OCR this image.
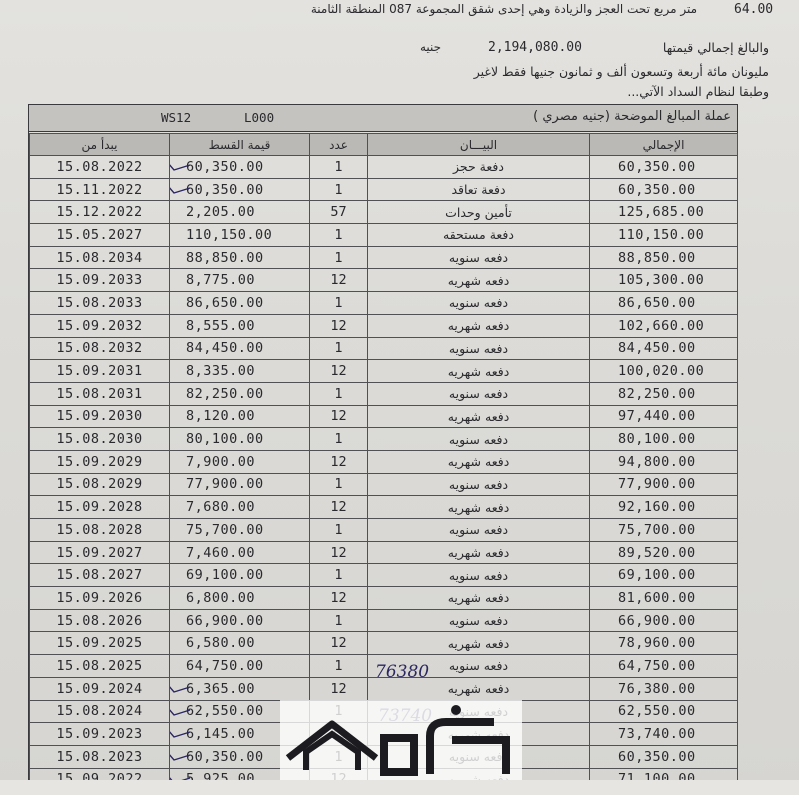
متر مربع تحت العجز والزيادة وهي إحدى شقق المجموعة 087 المنطقة الثامنة	64.00
والبالغ إجمالي قيمتها
2,194,080.00
جنيه
مليونان مائة أربعة وتسعون ألف و ثمانون جنيها فقط لاغير
وطبقا لنظام السداد الآتي...
WS12	L000	عملة المبالغ الموضحة (جنيه مصري )
يبدأ من	قيمة القسط	عدد	البيـــان	الإجمالي
15.08.2022	60,350.00	1	دفعة حجز	60,350.00
15.11.2022	60,350.00	1	دفعة تعاقد	60,350.00
15.12.2022	2,205.00	57	تأمين وحدات	125,685.00
15.05.2027	110,150.00	1	دفعة مستحقه	110,150.00
15.08.2034	88,850.00	1	دفعه سنويه	88,850.00
15.09.2033	8,775.00	12	دفعه شهريه	105,300.00
15.08.2033	86,650.00	1	دفعه سنويه	86,650.00
15.09.2032	8,555.00	12	دفعه شهريه	102,660.00
15.08.2032	84,450.00	1	دفعه سنويه	84,450.00
15.09.2031	8,335.00	12	دفعه شهريه	100,020.00
15.08.2031	82,250.00	1	دفعه سنويه	82,250.00
15.09.2030	8,120.00	12	دفعه شهريه	97,440.00
15.08.2030	80,100.00	1	دفعه سنويه	80,100.00
15.09.2029	7,900.00	12	دفعه شهريه	94,800.00
15.08.2029	77,900.00	1	دفعه سنويه	77,900.00
15.09.2028	7,680.00	12	دفعه شهريه	92,160.00
15.08.2028	75,700.00	1	دفعه سنويه	75,700.00
15.09.2027	7,460.00	12	دفعه شهريه	89,520.00
15.08.2027	69,100.00	1	دفعه سنويه	69,100.00
15.09.2026	6,800.00	12	دفعه شهريه	81,600.00
15.08.2026	66,900.00	1	دفعه سنويه	66,900.00
15.09.2025	6,580.00	12	دفعه شهريه	78,960.00
15.08.2025	64,750.00	1	دفعه سنويه	64,750.00
15.09.2024	6,365.00	12	دفعه شهريه	76,380.00
15.08.2024	62,550.00			62,550.00
15.09.2023	6,145.00			73,740.00
15.08.2023	60,350.00			60,350.00

76380
